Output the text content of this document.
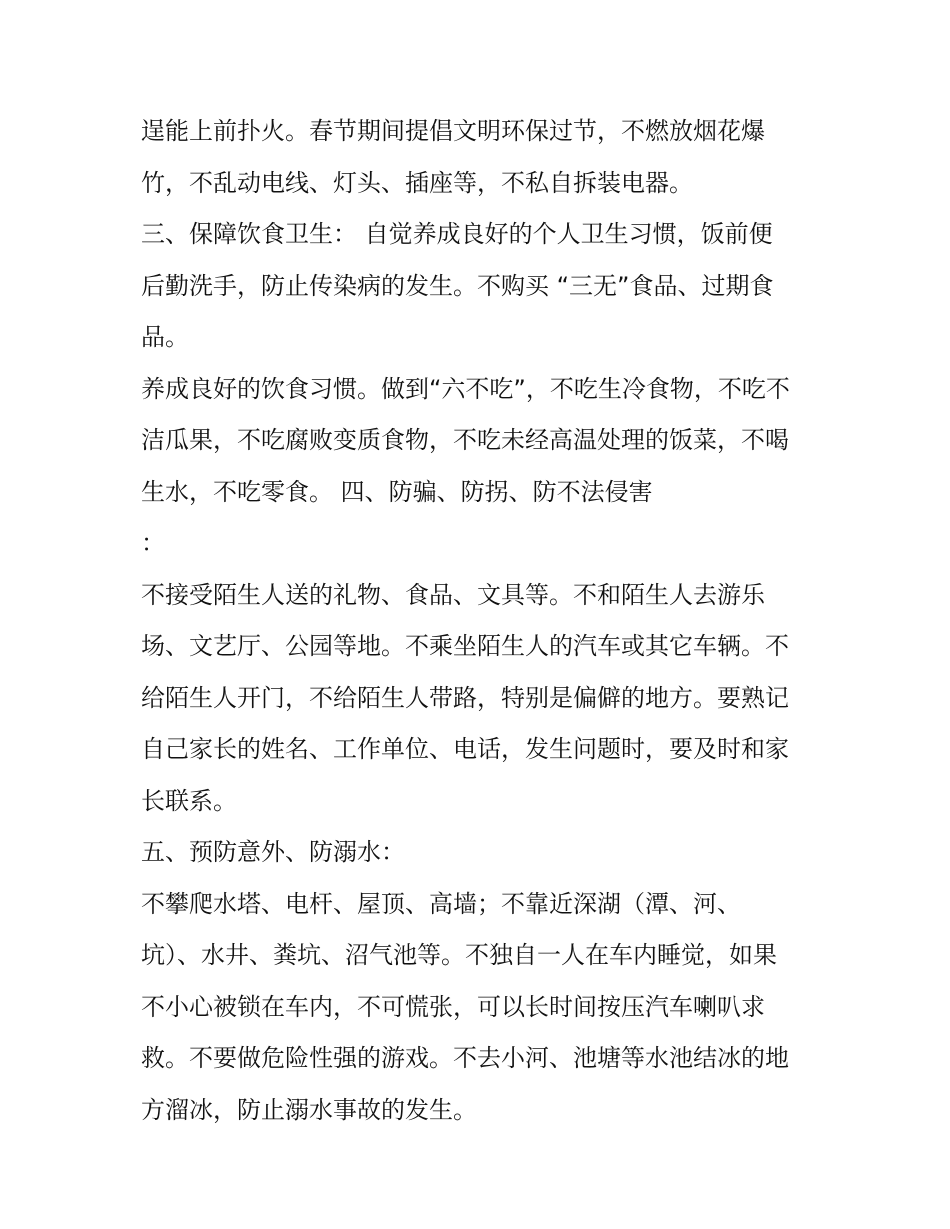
逞能上前扑火。春节期间提倡文明环保过节，不燃放烟花爆
竹，不乱动电线、灯头、插座等，不私自拆装电器。
三、保障饮食卫生： 自觉养成良好的个人卫生习惯，饭前便
后勤洗手，防止传染病的发生。不购买 “三无”食品、过期食
品。
养成良好的饮食习惯。做到“六不吃”，不吃生冷食物，不吃不
洁瓜果，不吃腐败变质食物，不吃未经高温处理的饭菜，不喝
生水，不吃零食。 四、防骗、防拐、防不法侵害
：
不接受陌生人送的礼物、食品、文具等。不和陌生人去游乐
场、文艺厅、公园等地。不乘坐陌生人的汽车或其它车辆。不
给陌生人开门，不给陌生人带路，特别是偏僻的地方。要熟记
自己家长的姓名、工作单位、电话，发生问题时，要及时和家
长联系。
五、预防意外、防溺水：
不攀爬水塔、电杆、屋顶、高墙；不靠近深湖（潭、河、
坑）、水井、粪坑、沼气池等。不独自一人在车内睡觉，如果
不小心被锁在车内，不可慌张，可以长时间按压汽车喇叭求
救。不要做危险性强的游戏。不去小河、池塘等水池结冰的地
方溜冰，防止溺水事故的发生。
